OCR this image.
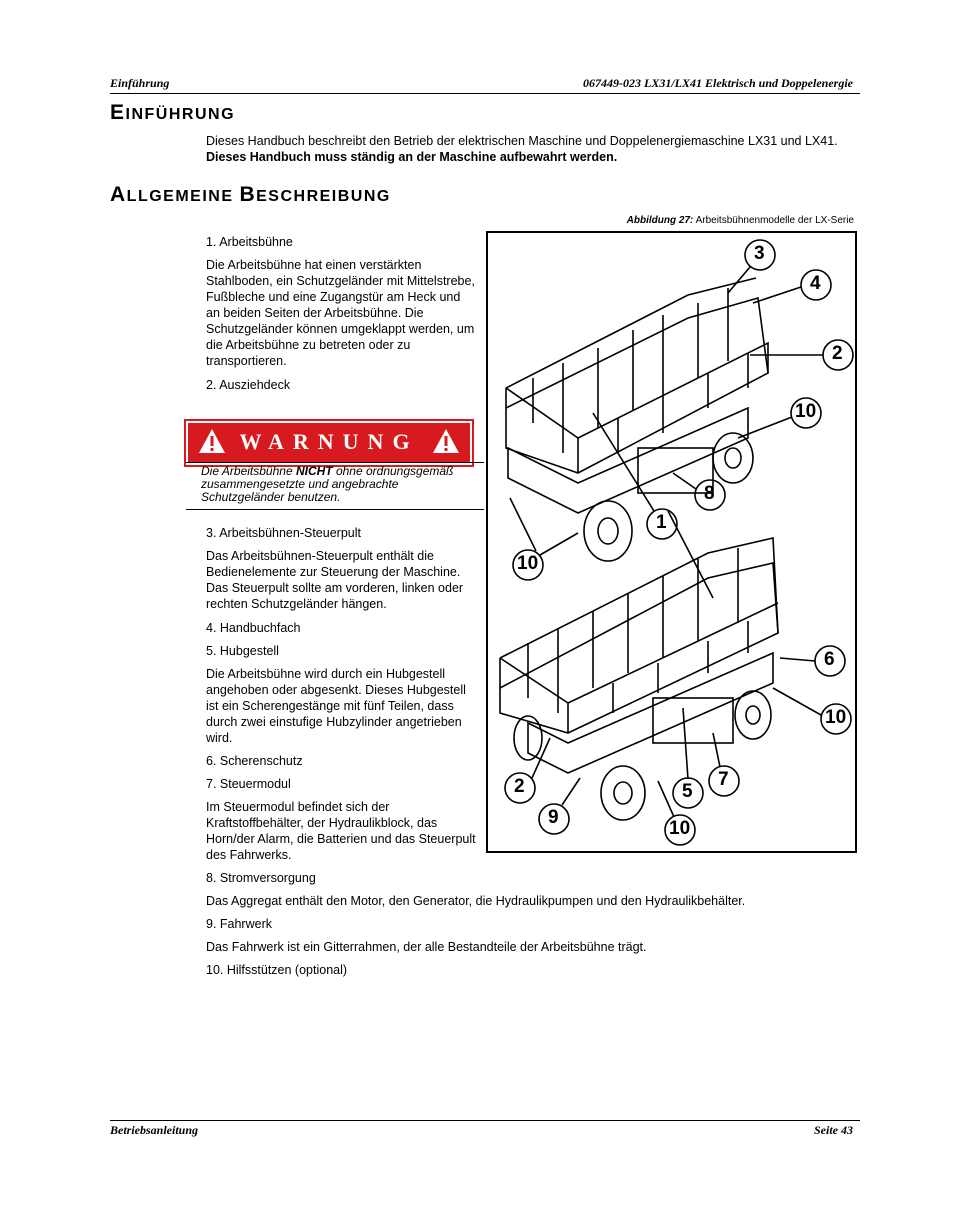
Einführung	067449-023 LX31/LX41 Elektrisch und Doppelenergie
EINFÜHRUNG
Dieses Handbuch beschreibt den Betrieb der elektrischen Maschine und Doppelenergiemaschine LX31 und LX41. Dieses Handbuch muss ständig an der Maschine aufbewahrt werden.
ALLGEMEINE BESCHREIBUNG
Abbildung 27: Arbeitsbühnenmodelle der LX-Serie
3
4
2
10
8
1
10
6
10
2	7
5
9
10
1. Arbeitsbühne
Die Arbeitsbühne hat einen verstärkten Stahlboden, ein Schutzgeländer mit Mittelstrebe, Fußbleche und eine Zugangstür am Heck und an beiden Seiten der Arbeitsbühne. Die Schutzgeländer können umgeklappt werden, um die Arbeitsbühne zu betreten oder zu transportieren.
2. Ausziehdeck
WARNUNG
Die Arbeitsbühne NICHT ohne ordnungsgemäß zusammengesetzte und angebrachte Schutzgeländer benutzen.
3. Arbeitsbühnen-Steuerpult
Das Arbeitsbühnen-Steuerpult enthält die Bedienelemente zur Steuerung der Maschine. Das Steuerpult sollte am vorderen, linken oder rechten Schutzgeländer hängen.
4. Handbuchfach
5. Hubgestell
Die Arbeitsbühne wird durch ein Hubgestell angehoben oder abgesenkt. Dieses Hubgestell ist ein Scherengestänge mit fünf Teilen, dass durch zwei einstufige Hubzylinder angetrieben wird.
6. Scherenschutz
7. Steuermodul
Im Steuermodul befindet sich der Kraftstoffbehälter, der Hydraulikblock, das Horn/der Alarm, die Batterien und das Steuerpult des Fahrwerks.
8. Stromversorgung
Das Aggregat enthält den Motor, den Generator, die Hydraulikpumpen und den Hydraulikbehälter.
9. Fahrwerk
Das Fahrwerk ist ein Gitterrahmen, der alle Bestandteile der Arbeitsbühne trägt.
10. Hilfsstützen (optional)
Betriebsanleitung	Seite 43
